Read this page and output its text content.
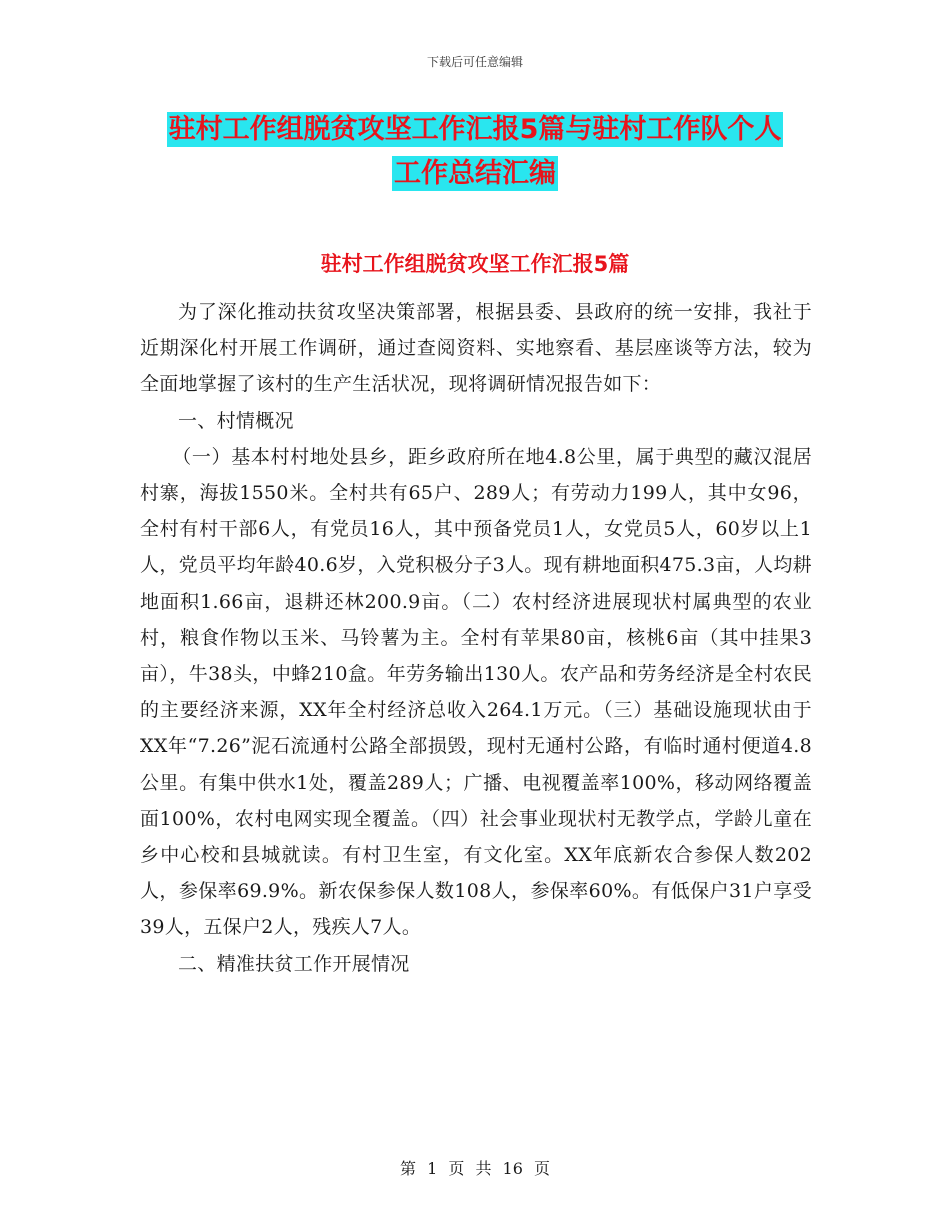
下载后可任意编辑
驻村工作组脱贫攻坚工作汇报5篇与驻村工作队个人
工作总结汇编
驻村工作组脱贫攻坚工作汇报5篇

为了深化推动扶贫攻坚决策部署，根据县委、县政府的统一安排，我社于近期深化村开展工作调研，通过查阅资料、实地察看、基层座谈等方法，较为全面地掌握了该村的生产生活状况，现将调研情况报告如下：

一、村情概况

（一）基本村村地处县乡，距乡政府所在地4.8公里，属于典型的藏汉混居村寨，海拔1550米。全村共有65户、289人；有劳动力199人，其中女96，全村有村干部6人，有党员16人，其中预备党员1人，女党员5人，60岁以上1人，党员平均年龄40.6岁，入党积极分子3人。现有耕地面积475.3亩，人均耕地面积1.66亩，退耕还林200.9亩。（二）农村经济进展现状村属典型的农业村，粮食作物以玉米、马铃薯为主。全村有苹果80亩，核桃6亩（其中挂果3亩），牛38头，中蜂210盒。年劳务输出130人。农产品和劳务经济是全村农民的主要经济来源，XX年全村经济总收入264.1万元。（三）基础设施现状由于XX年“7.26”泥石流通村公路全部损毁，现村无通村公路，有临时通村便道4.8公里。有集中供水1处，覆盖289人；广播、电视覆盖率100%，移动网络覆盖面100%，农村电网实现全覆盖。（四）社会事业现状村无教学点，学龄儿童在乡中心校和县城就读。有村卫生室，有文化室。XX年底新农合参保人数202人，参保率69.9%。新农保参保人数108人，参保率60%。有低保户31户享受39人，五保户2人，残疾人7人。

二、精准扶贫工作开展情况

第 1 页 共 16 页
